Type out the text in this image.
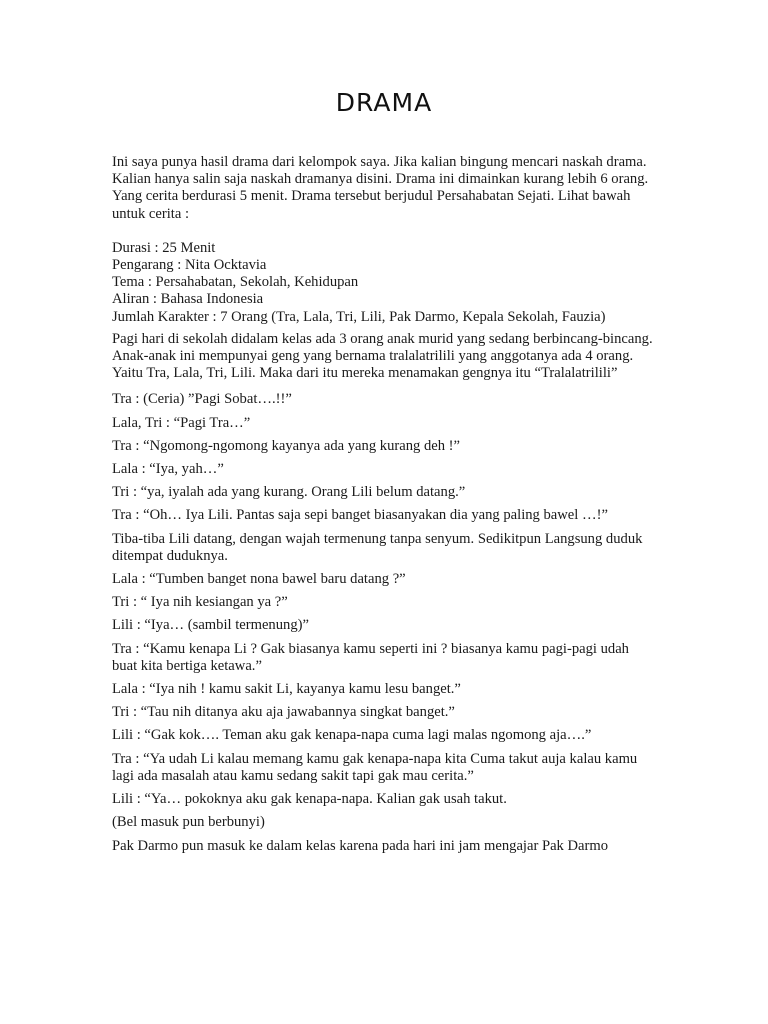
DRAMA

Ini saya punya hasil drama dari kelompok saya. Jika kalian bingung mencari naskah drama. Kalian hanya salin saja naskah dramanya disini. Drama ini dimainkan kurang lebih 6 orang. Yang cerita berdurasi 5 menit. Drama tersebut berjudul Persahabatan Sejati. Lihat bawah untuk cerita :

Durasi : 25 Menit
Pengarang : Nita Ocktavia
Tema : Persahabatan, Sekolah, Kehidupan
Aliran : Bahasa Indonesia
Jumlah Karakter : 7 Orang (Tra, Lala, Tri, Lili, Pak Darmo, Kepala Sekolah, Fauzia)

Pagi hari di sekolah didalam kelas ada 3 orang anak murid yang sedang berbincang-bincang. Anak-anak ini mempunyai geng yang bernama tralalatrilili yang anggotanya ada 4 orang. Yaitu Tra, Lala, Tri, Lili. Maka dari itu mereka menamakan gengnya itu “Tralalatrilili”

Tra : (Ceria) ”Pagi Sobat….!!”

Lala, Tri : “Pagi Tra…”

Tra : “Ngomong-ngomong kayanya ada yang kurang deh !”

Lala : “Iya, yah…”

Tri : “ya, iyalah ada yang kurang. Orang Lili belum datang.”

Tra : “Oh… Iya Lili. Pantas saja sepi banget biasanyakan dia yang paling bawel …!”

Tiba-tiba Lili datang, dengan wajah termenung tanpa senyum. Sedikitpun Langsung duduk ditempat duduknya.

Lala : “Tumben banget nona bawel baru datang ?”

Tri : “ Iya nih kesiangan ya ?”

Lili : “Iya… (sambil termenung)”

Tra : “Kamu kenapa Li ? Gak biasanya kamu seperti ini ? biasanya kamu pagi-pagi udah buat kita bertiga ketawa.”

Lala : “Iya nih ! kamu sakit Li, kayanya kamu lesu banget.”

Tri : “Tau nih ditanya aku aja jawabannya singkat banget.”

Lili : “Gak kok…. Teman aku gak kenapa-napa cuma lagi malas ngomong aja….”

Tra : “Ya udah Li kalau memang kamu gak kenapa-napa kita Cuma takut auja kalau kamu lagi ada masalah atau kamu sedang sakit tapi gak mau cerita.”

Lili : “Ya… pokoknya aku gak kenapa-napa. Kalian gak usah takut.

(Bel masuk pun berbunyi)

Pak Darmo pun masuk ke dalam kelas karena pada hari ini jam mengajar Pak Darmo
